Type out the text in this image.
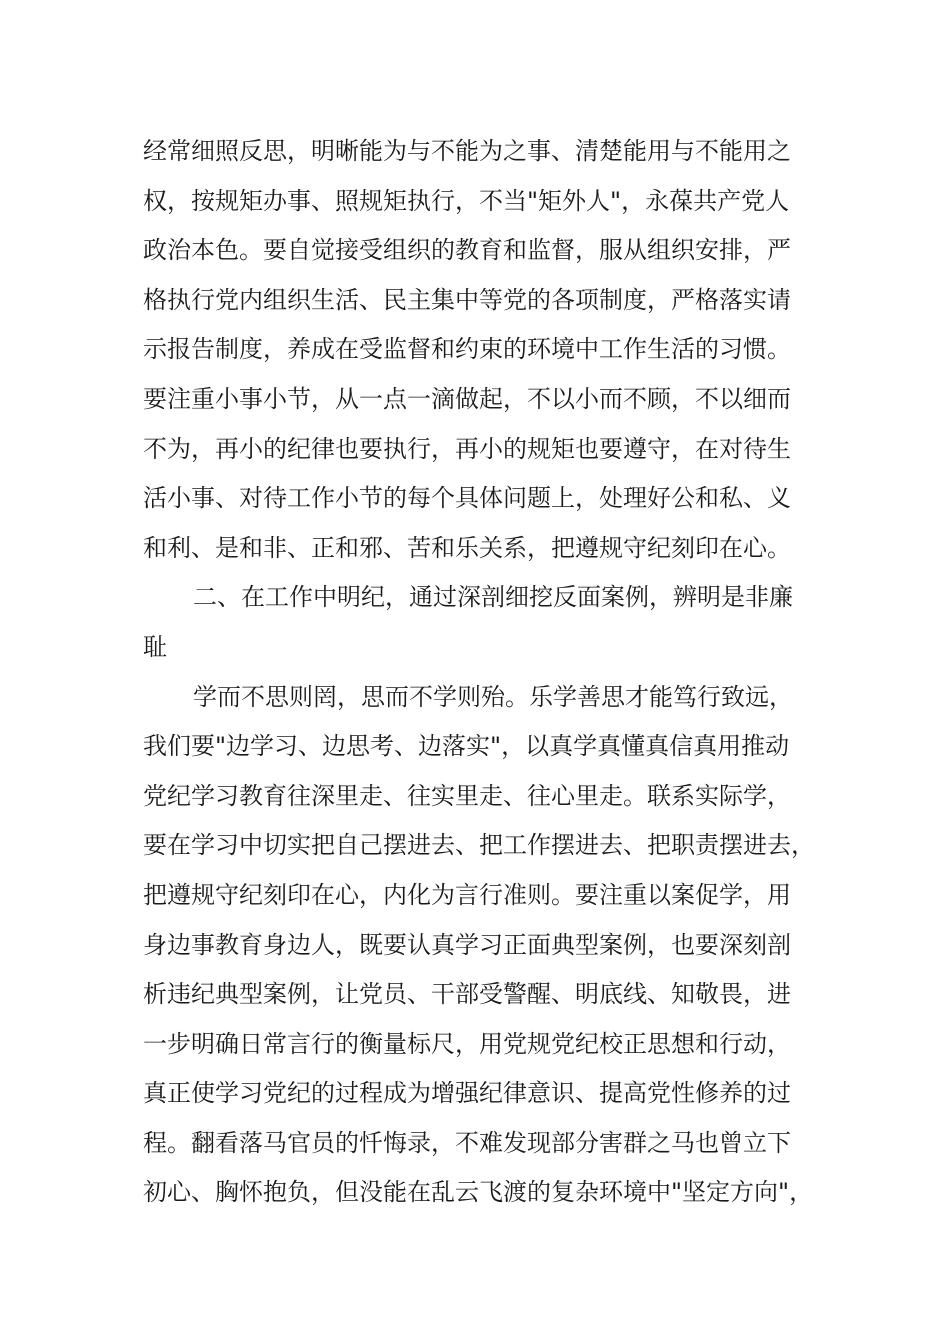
经常细照反思，明晰能为与不能为之事、清楚能用与不能用之
权，按规矩办事、照规矩执行，不当"矩外人"，永葆共产党人
政治本色。要自觉接受组织的教育和监督，服从组织安排，严
格执行党内组织生活、民主集中等党的各项制度，严格落实请
示报告制度，养成在受监督和约束的环境中工作生活的习惯。
要注重小事小节，从一点一滴做起，不以小而不顾，不以细而
不为，再小的纪律也要执行，再小的规矩也要遵守，在对待生
活小事、对待工作小节的每个具体问题上，处理好公和私、义
和利、是和非、正和邪、苦和乐关系，把遵规守纪刻印在心。
二、在工作中明纪，通过深剖细挖反面案例，辨明是非廉
耻
学而不思则罔，思而不学则殆。乐学善思才能笃行致远，
我们要"边学习、边思考、边落实"，以真学真懂真信真用推动
党纪学习教育往深里走、往实里走、往心里走。联系实际学，
要在学习中切实把自己摆进去、把工作摆进去、把职责摆进去，
把遵规守纪刻印在心，内化为言行准则。要注重以案促学，用
身边事教育身边人，既要认真学习正面典型案例，也要深刻剖
析违纪典型案例，让党员、干部受警醒、明底线、知敬畏，进
一步明确日常言行的衡量标尺，用党规党纪校正思想和行动，
真正使学习党纪的过程成为增强纪律意识、提高党性修养的过
程。翻看落马官员的忏悔录，不难发现部分害群之马也曾立下
初心、胸怀抱负，但没能在乱云飞渡的复杂环境中"坚定方向"，
